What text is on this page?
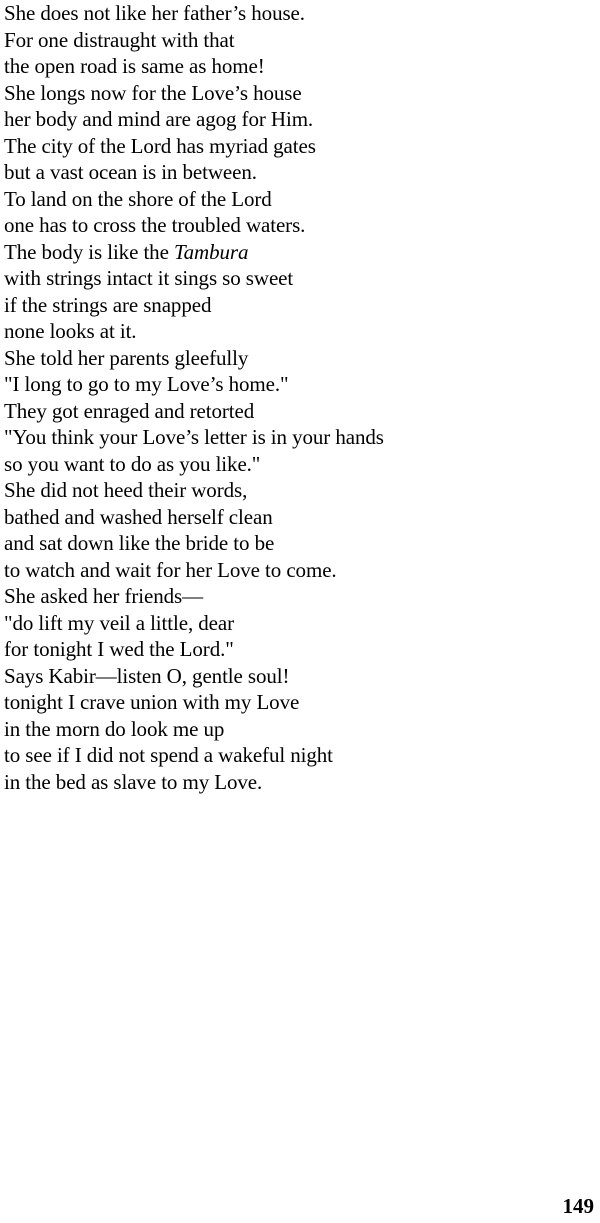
She does not like her father’s house.
For one distraught with that
the open road is same as home!
She longs now for the Love’s house
her body and mind are agog for Him.
The city of the Lord has myriad gates
but a vast ocean is in between.
To land on the shore of the Lord
one has to cross the troubled waters.
The body is like the Tambura
with strings intact it sings so sweet
if the strings are snapped
none looks at it.
She told her parents gleefully
"I long to go to my Love’s home."
They got enraged and retorted
"You think your Love’s letter is in your hands
so you want to do as you like."
She did not heed their words,
bathed and washed herself clean
and sat down like the bride to be
to watch and wait for her Love to come.
She asked her friends—
"do lift my veil a little, dear
for tonight I wed the Lord."
Says Kabir—listen O, gentle soul!
tonight I crave union with my Love
in the morn do look me up
to see if I did not spend a wakeful night
in the bed as slave to my Love.
149
